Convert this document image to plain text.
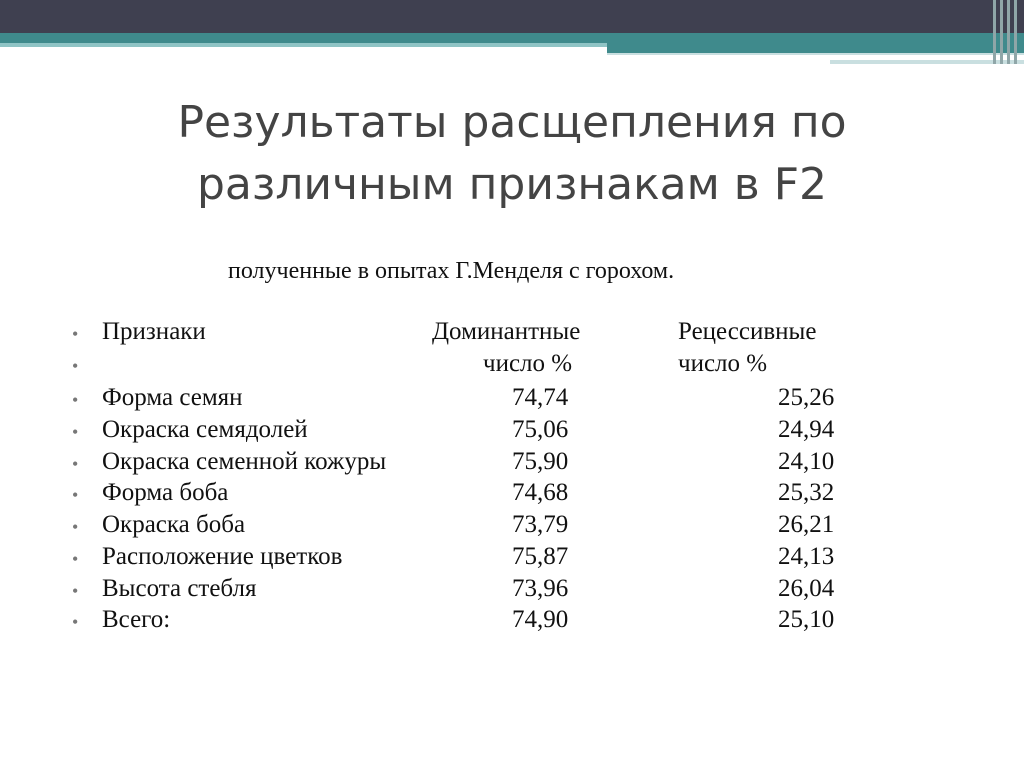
Результаты расщепления по
различным признакам в F2
полученные в опытах Г.Менделя с горохом.
• Признаки	Доминантные	Рецессивные
•	число %	число %
• Форма семян	74,74	25,26
• Окраска семядолей	75,06	24,94
• Окраска семенной кожуры	75,90	24,10
• Форма боба	74,68	25,32
• Окраска боба	73,79	26,21
• Расположение цветков	75,87	24,13
• Высота стебля	73,96	26,04
• Всего:	74,90	25,10
